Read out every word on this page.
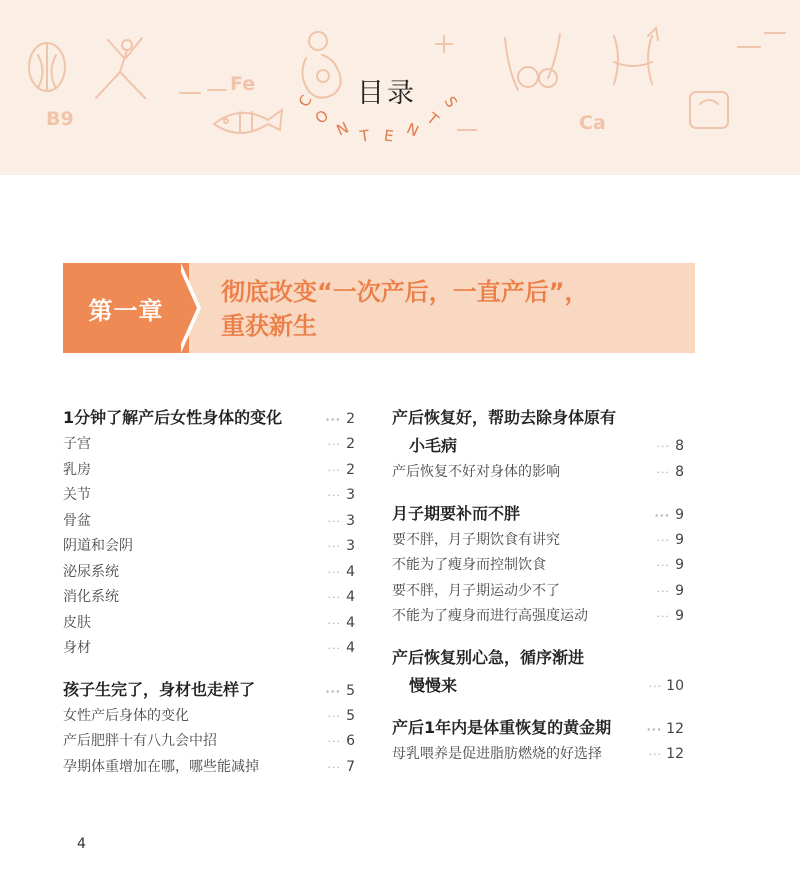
B9
Fe
Ca
目录
C
O
N T E N
T
S
第一章
彻底改变“一次产后，一直产后”，
重获新生
1分钟了解产后女性身体的变化	··· 2
子宫	··· 2
乳房	··· 2
关节	··· 3
骨盆	··· 3
阴道和会阴	··· 3
泌尿系统	··· 4
消化系统	··· 4
皮肤	··· 4
身材	··· 4
孩子生完了，身材也走样了	··· 5
女性产后身体的变化	··· 5
产后肥胖十有八九会中招	··· 6
孕期体重增加在哪，哪些能减掉	··· 7
产后恢复好，帮助去除身体原有
小毛病	··· 8
产后恢复不好对身体的影响	··· 8
月子期要补而不胖	··· 9
要不胖，月子期饮食有讲究	··· 9
不能为了瘦身而控制饮食	··· 9
要不胖，月子期运动少不了	··· 9
不能为了瘦身而进行高强度运动	··· 9
产后恢复别心急，循序渐进
慢慢来	··· 10
产后1年内是体重恢复的黄金期	··· 12
母乳喂养是促进脂肪燃烧的好选择	··· 12
4
